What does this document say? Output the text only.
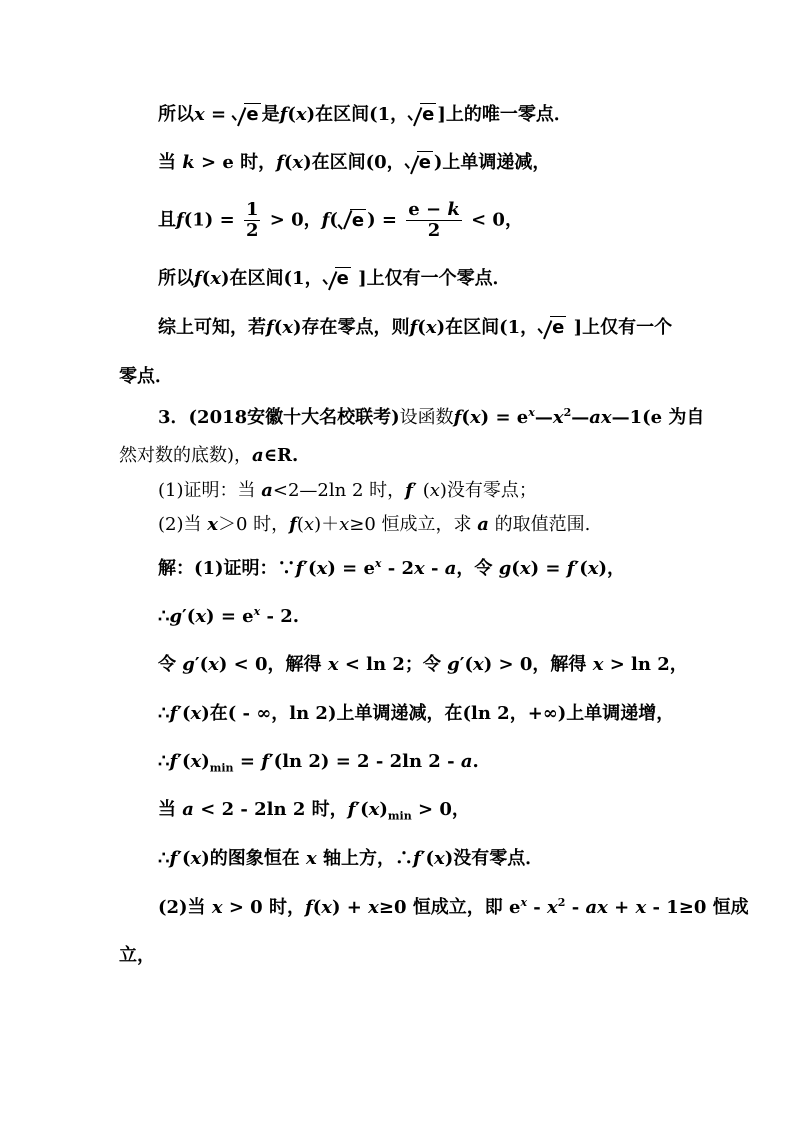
所以x = e 是f(x)在区间(1， e ]上的唯一零点．
当 k > e 时，f(x)在区间(0， e )上单调递减，
且$f(1) = \frac{1}{2} > 0$，f( e ) = $\frac{e - k}{2} < 0$，
所以f(x)在区间(1， e ]上仅有一个零点．
综上可知，若f(x)存在零点，则f(x)在区间(1， e ]上仅有一个
零点．
3．(2018安徽十大名校联考)设函数$f(x) = e^x—x^2—ax—1(e$ 为自
然对数的底数)，a∈R.
(1)证明：当 a<2—2ln 2 时，f′ (x)没有零点；
(2)当 x＞0 时，f(x)＋x≥0 恒成立，求 a 的取值范围.
解：(1)证明：∵f′(x) = $e^x - 2x$ - a，令 g(x) = f′(x)，
∴g′(x) = $e^x - 2$.
令 g′(x) < 0，解得 x < ln 2；令 g′(x) > 0，解得 x > ln 2，
∴f′(x)在( - ∞，ln 2)上单调递减，在(ln 2，+∞)上单调递增，
$\therefore f'(x)_{min} = f'(\ln$ 2) = 2 - 2ln 2 - a.
当 a < 2 - 2ln 2 时，$f'(x)_{min} > 0$，
∴f′(x)的图象恒在 x 轴上方，∴f′(x)没有零点．
(2)当 x > 0 时，f(x) + x≥0 恒成立，即 $e^x - x^2$ - ax + x - 1≥0 恒成
立，
